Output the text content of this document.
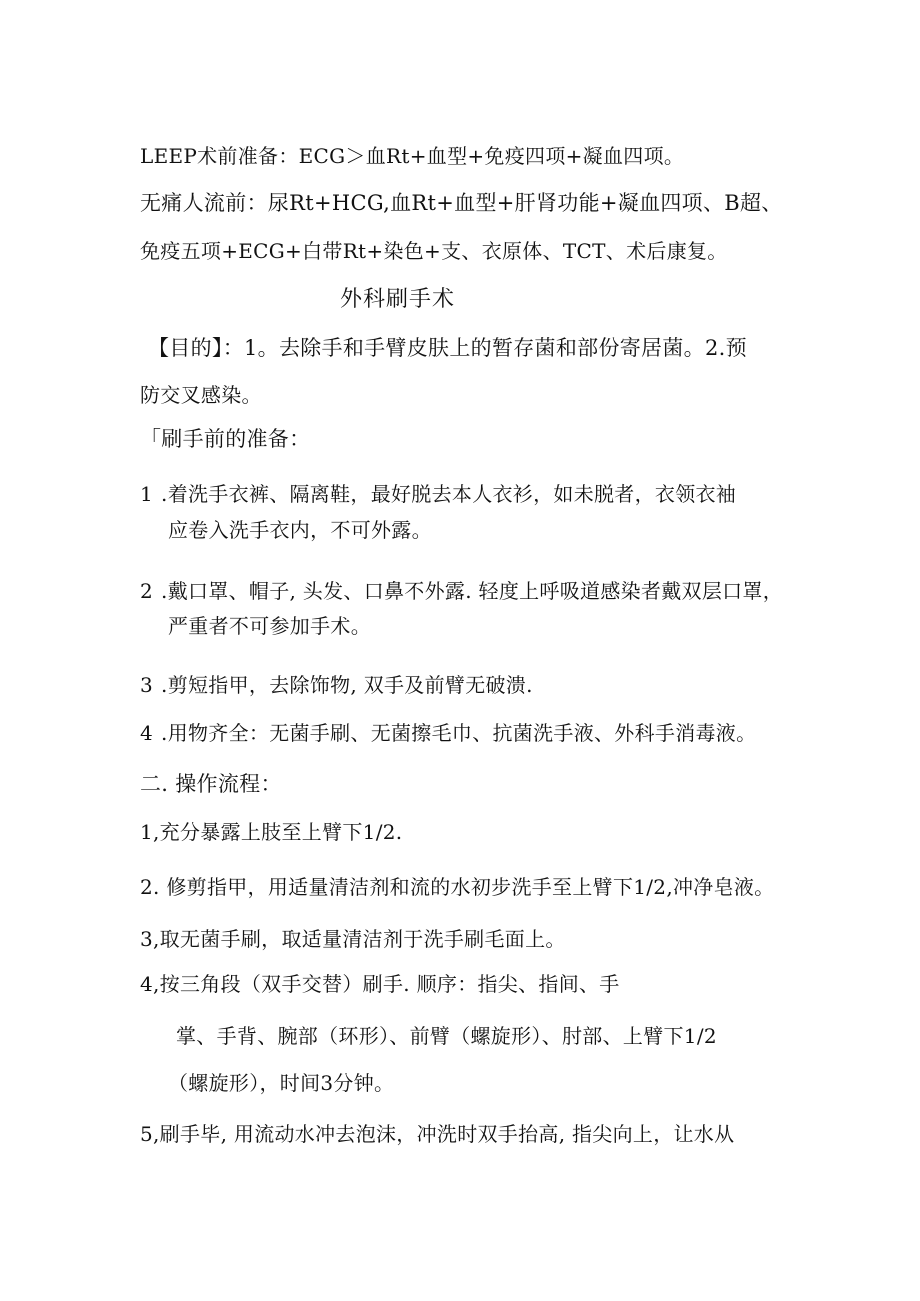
LEEP术前准备：ECG＞血Rt+血型+免疫四项+凝血四项。
无痛人流前：尿Rt+HCG,血Rt+血型+肝肾功能+凝血四项、B超、
免疫五项+ECG+白带Rt+染色+支、衣原体、TCT、术后康复。
外科刷手术
【目的】：1。去除手和手臂皮肤上的暂存菌和部份寄居菌。2.预
防交叉感染。
「刷手前的准备：
1 .着洗手衣裤、隔离鞋，最好脱去本人衣衫，如未脱者，衣领衣袖
应卷入洗手衣内，不可外露。
2 .戴口罩、帽子, 头发、口鼻不外露. 轻度上呼吸道感染者戴双层口罩，
严重者不可参加手术。
3 .剪短指甲，去除饰物, 双手及前臂无破溃.
4 .用物齐全：无菌手刷、无菌擦毛巾、抗菌洗手液、外科手消毒液。
二. 操作流程：
1,充分暴露上肢至上臂下1/2.
2. 修剪指甲，用适量清洁剂和流的水初步洗手至上臂下1/2,冲净皂液。
3,取无菌手刷，取适量清洁剂于洗手刷毛面上。
4,按三角段（双手交替）刷手. 顺序：指尖、指间、手
掌、手背、腕部（环形）、前臂（螺旋形）、肘部、上臂下1/2
（螺旋形），时间3分钟。
5,刷手毕, 用流动水冲去泡沫，冲洗时双手抬高, 指尖向上，让水从
